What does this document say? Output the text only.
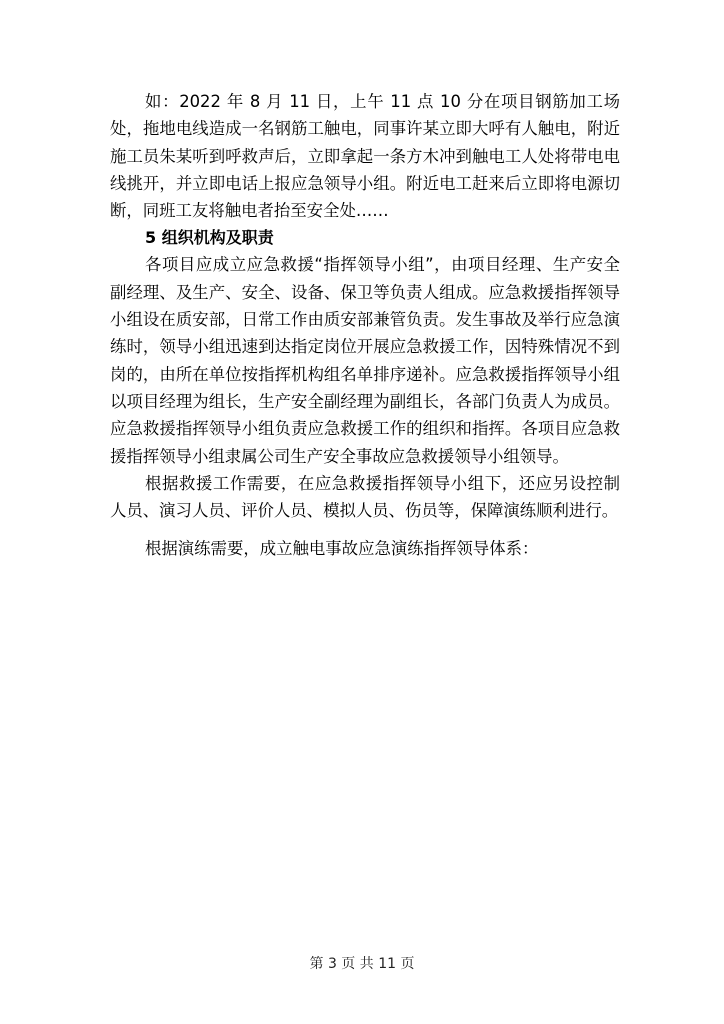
如：2022 年 8 月 11 日，上午 11 点 10 分在项目钢筋加工场处，拖地电线造成一名钢筋工触电，同事许某立即大呼有人触电，附近施工员朱某听到呼救声后，立即拿起一条方木冲到触电工人处将带电电线挑开，并立即电话上报应急领导小组。附近电工赶来后立即将电源切断，同班工友将触电者抬至安全处……

5 组织机构及职责

各项目应成立应急救援“指挥领导小组”，由项目经理、生产安全副经理、及生产、安全、设备、保卫等负责人组成。应急救援指挥领导小组设在质安部，日常工作由质安部兼管负责。发生事故及举行应急演练时，领导小组迅速到达指定岗位开展应急救援工作，因特殊情况不到岗的，由所在单位按指挥机构组名单排序递补。应急救援指挥领导小组以项目经理为组长，生产安全副经理为副组长，各部门负责人为成员。应急救援指挥领导小组负责应急救援工作的组织和指挥。各项目应急救援指挥领导小组隶属公司生产安全事故应急救援领导小组领导。

根据救援工作需要，在应急救援指挥领导小组下，还应另设控制人员、演习人员、评价人员、模拟人员、伤员等，保障演练顺利进行。

根据演练需要，成立触电事故应急演练指挥领导体系：

第 3 页 共 11 页
